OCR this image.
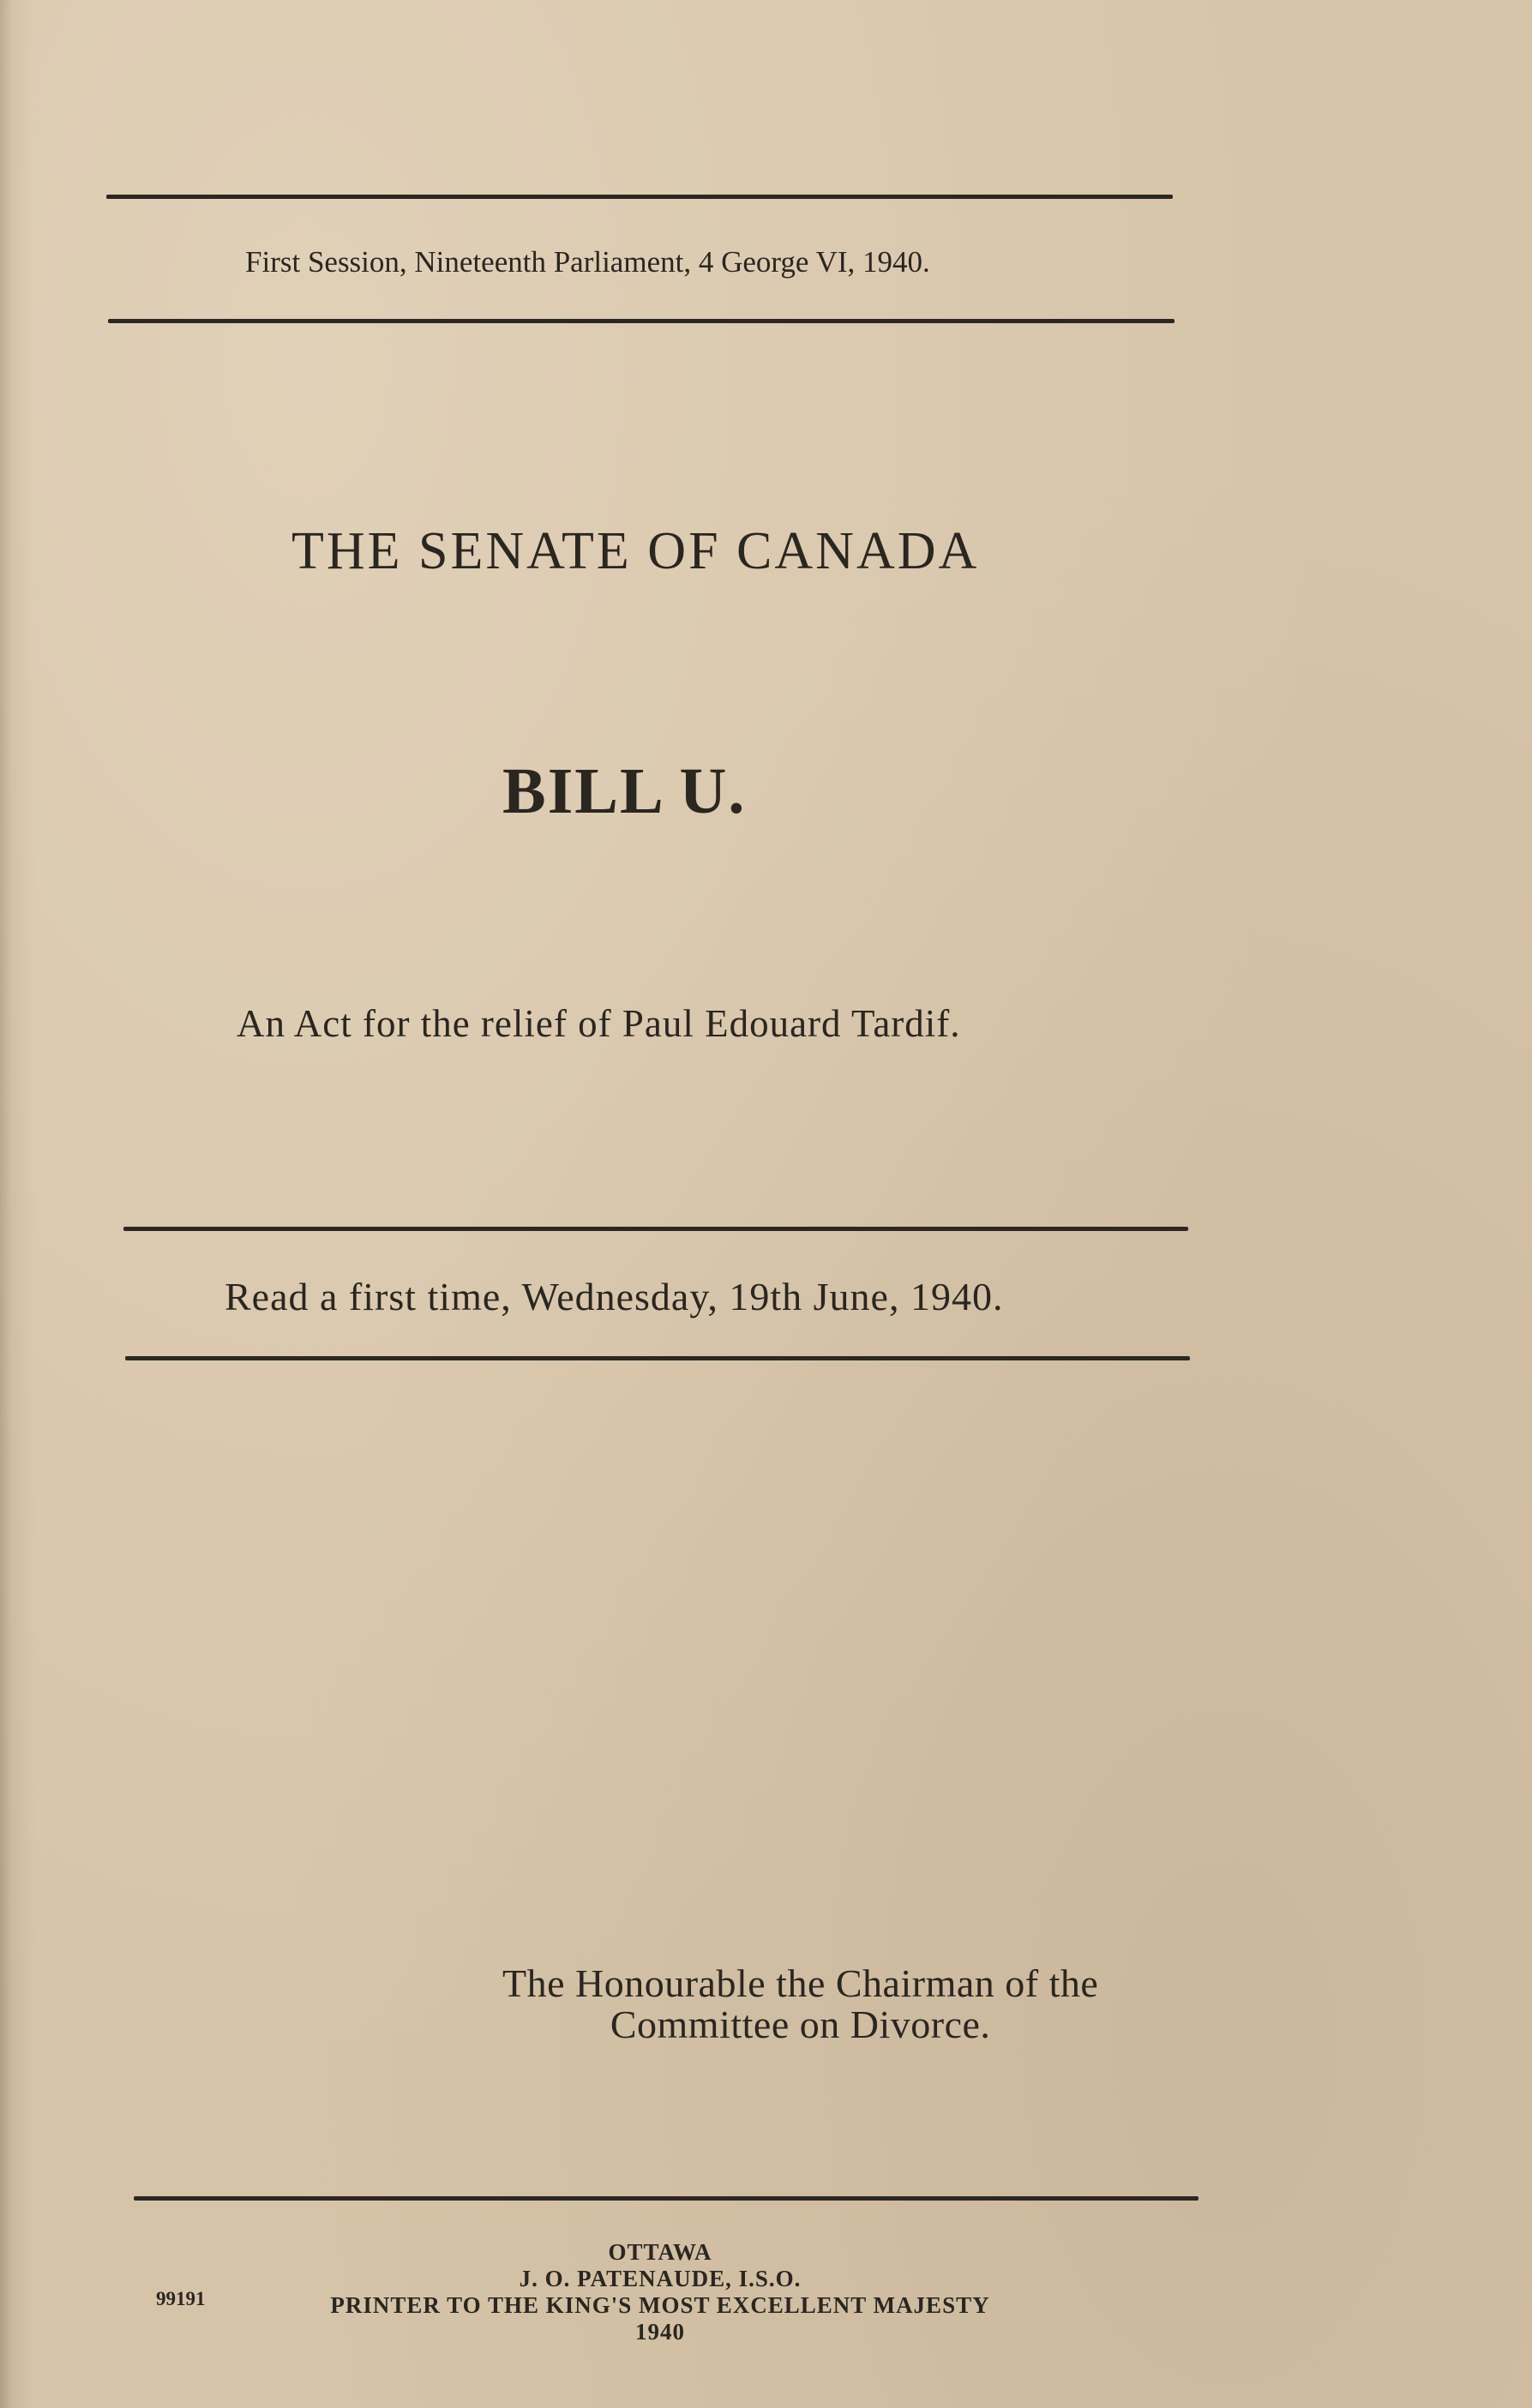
First Session, Nineteenth Parliament, 4 George VI, 1940.
THE SENATE OF CANADA
BILL U.
An Act for the relief of Paul Edouard Tardif.
Read a first time, Wednesday, 19th June, 1940.
The Honourable the Chairman of the
Committee on Divorce.
OTTAWA
J. O. PATENAUDE, I.S.O.
PRINTER TO THE KING'S MOST EXCELLENT MAJESTY
1940
99191
